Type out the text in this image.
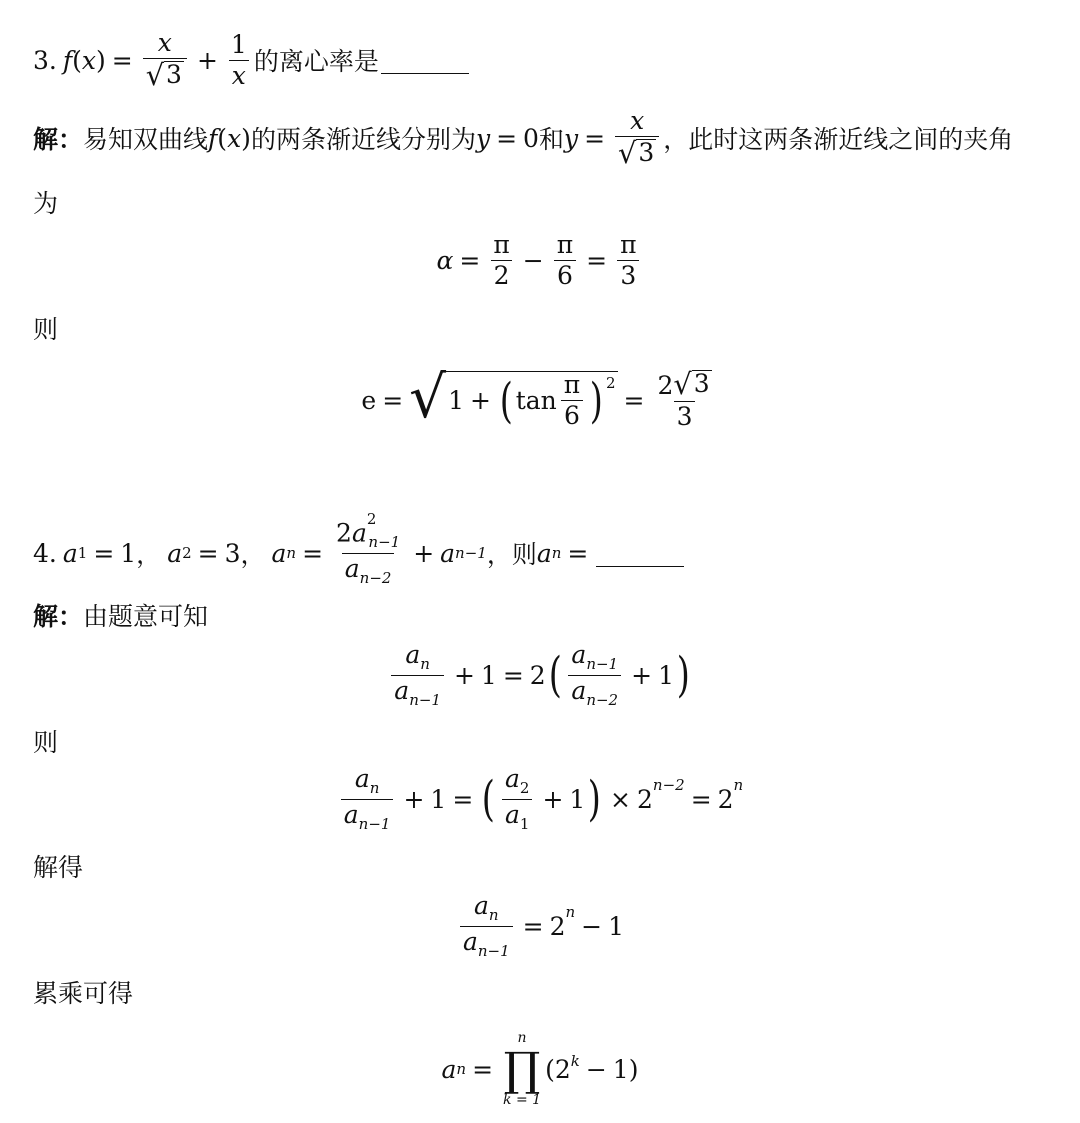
3. f ( x ) = $\frac{x}{√ 3} + \frac{1}{x}$ 的离心率是
解： 易知双曲线 f ( x ) 的两条渐近线分别为 y = 0 和 $y = \frac{x}{√ 3}$ ，此时这两条渐近线之间的夹角
为
$\alpha = \frac{\pi}{2} - \frac{\pi}{6} = \frac{\pi}{3}$
则
e = √ 1 + ( $\tan \frac{\pi}{6} )^2$
= $\frac{2 √ 3}{3}$
4. a 1 = 1 ， a 2 = 3 ， a $n = \frac{2a^2_{n-1}}{a_{n-2}} + a$ n−1 ，则 a n =
解： 由题意可知
$\frac{a_n}{a_{n-1}} + 1 = 2$ ( $\frac{a_{n-1}}{a_{n-2}} + 1$ )
则
$\frac{a_n}{a_{n-1}} + 1$ = ( $\frac{a_2}{a_1} + 1$ ) × $2^{n-2} = 2^n$
解得
$\frac{a_n}{a_{n-1}} = 2^n - 1$
累乘可得
a n =
n
∏
k = 1
$(2^k - 1)$
